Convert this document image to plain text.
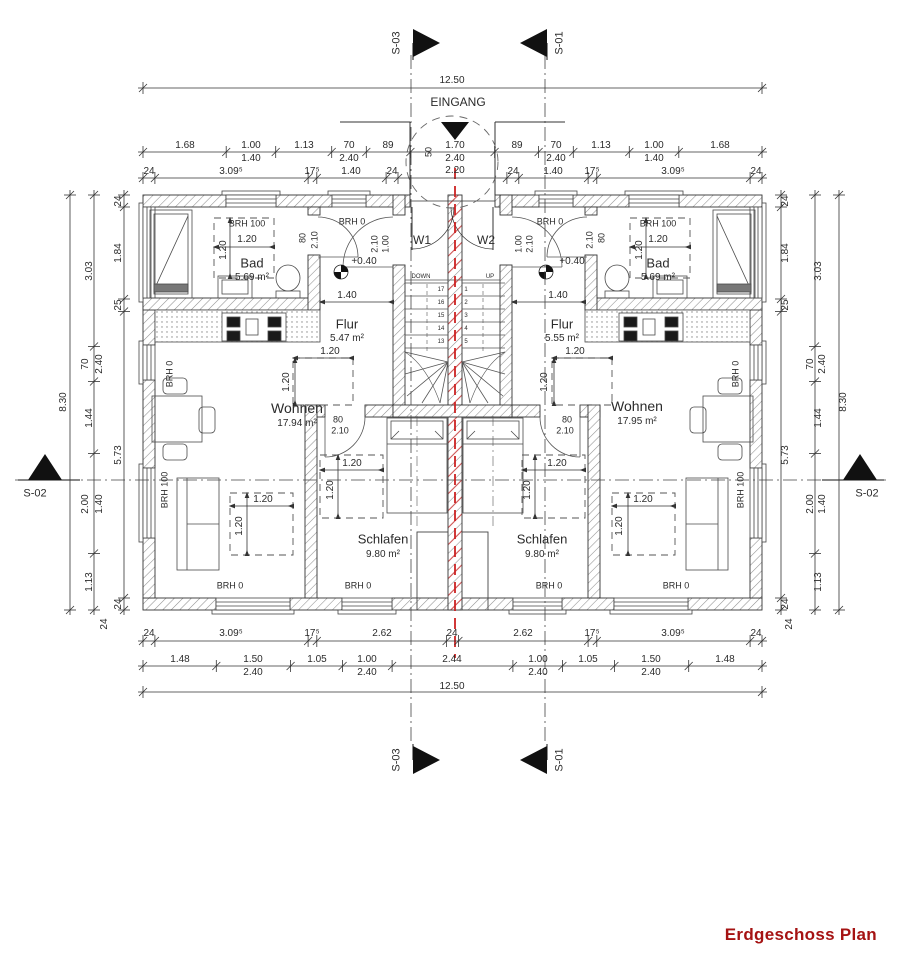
12.50
EINGANG
1.68	1.00	1.13	70	89	1.70	89	70	1.13	1.00	1.68
1.40	2.40	2.40	2.40	1.40
2.20
50
24	3.09⁵	17⁵ 1.40	24	24 1.40 17⁵	3.09⁵	24
24	3.09⁵	17⁵	2.62	24	2.62	17⁵	3.09⁵	24
1.48	1.50	1.05	1.00	2.44	1.00	1.05	1.50	1.48
2.40	2.40	2.40	2.40
12.50
24	24
8.30
3.03
70 2.40
1.44
2.00 1.40
1.13
24
1.84
25
5.73
24
8.30
3.03
70 2.40
1.44
2.00 1.40
1.13
24
1.84
25
5.73
24
S-03	S-01
S-03	S-01
S-02	S-02
Bad
5.69 m²
Flur
5.47 m²
Wohnen
17.94 m²
Schlafen
9.80 m²
Bad
5.69 m²
Flur
5.55 m²
Wohnen
17.95 m²
Schlafen
9.80 m²
BRH 100
1.20
1.20
BRH 0	BRH 0	BRH 100
1.20
1.20
80 2.10	80
2.10
1.00
2.10	1.00 2.10
+0.40	+0.40
1.40	1.40
1.20
1.20
1.20
1.20
80
2.10
80
2.10
1.20
1.20
1.20
1.20
1.20
1.20
1.20
1.20
BRH 0
BRH 100
BRH 0
BRH 100
BRH 0	BRH 0	BRH 0	BRH 0
W1	W2
DOWN
17
16
15
14
13
UP
1
2
3
4
5
Erdgeschoss Plan
